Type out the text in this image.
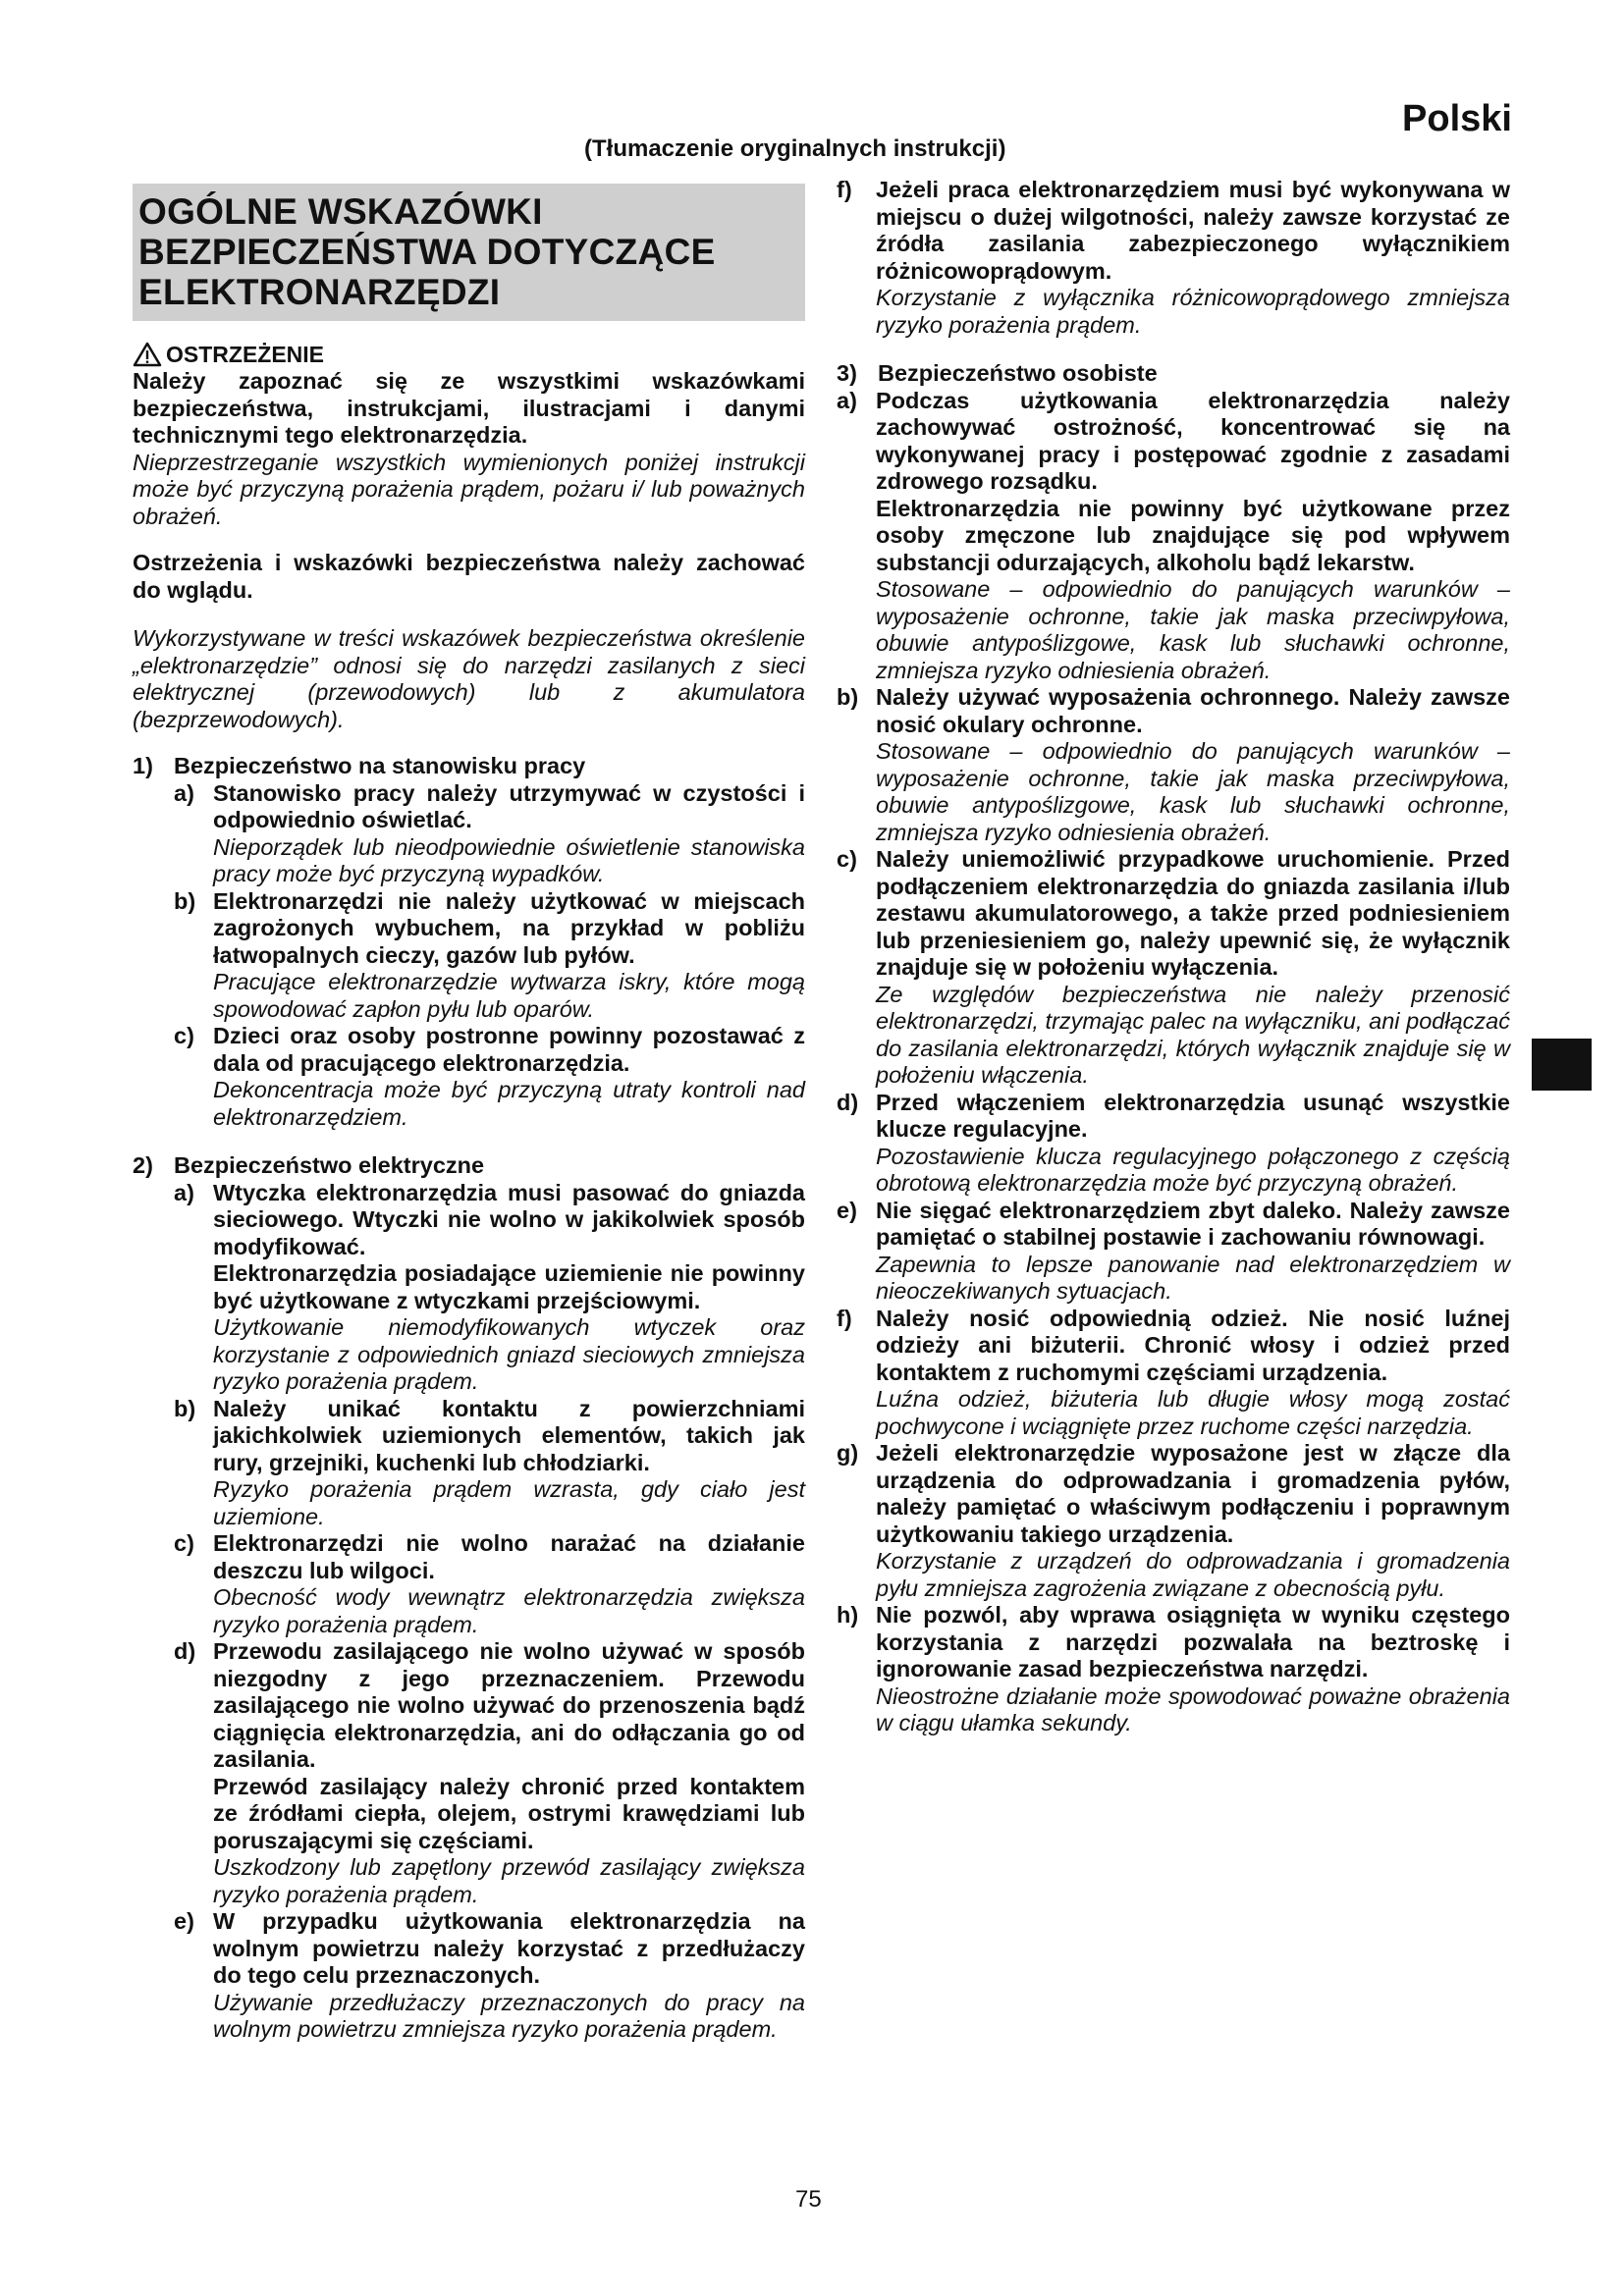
Polski
(Tłumaczenie oryginalnych instrukcji)
OGÓLNE WSKAZÓWKI
BEZPIECZEŃSTWA DOTYCZĄCE
ELEKTRONARZĘDZI
OSTRZEŻENIE
Należy zapoznać się ze wszystkimi wskazówkami bezpieczeństwa, instrukcjami, ilustracjami i danymi technicznymi tego elektronarzędzia.
Nieprzestrzeganie wszystkich wymienionych poniżej instrukcji może być przyczyną porażenia prądem, pożaru i/ lub poważnych obrażeń.
Ostrzeżenia i wskazówki bezpieczeństwa należy zachować do wglądu.
Wykorzystywane w treści wskazówek bezpieczeństwa określenie „elektronarzędzie” odnosi się do narzędzi zasilanych z sieci elektrycznej (przewodowych) lub z akumulatora (bezprzewodowych).
1) Bezpieczeństwo na stanowisku pracy
a) Stanowisko pracy należy utrzymywać w czystości i odpowiednio oświetlać.
Nieporządek lub nieodpowiednie oświetlenie stanowiska pracy może być przyczyną wypadków.
b) Elektronarzędzi nie należy użytkować w miejscach zagrożonych wybuchem, na przykład w pobliżu łatwopalnych cieczy, gazów lub pyłów.
Pracujące elektronarzędzie wytwarza iskry, które mogą spowodować zapłon pyłu lub oparów.
c) Dzieci oraz osoby postronne powinny pozostawać z dala od pracującego elektronarzędzia.
Dekoncentracja może być przyczyną utraty kontroli nad elektronarzędziem.
2) Bezpieczeństwo elektryczne
a) Wtyczka elektronarzędzia musi pasować do gniazda sieciowego. Wtyczki nie wolno w jakikolwiek sposób modyfikować.
Elektronarzędzia posiadające uziemienie nie powinny być użytkowane z wtyczkami przejściowymi.
Użytkowanie niemodyfikowanych wtyczek oraz korzystanie z odpowiednich gniazd sieciowych zmniejsza ryzyko porażenia prądem.
b) Należy unikać kontaktu z powierzchniami jakichkolwiek uziemionych elementów, takich jak rury, grzejniki, kuchenki lub chłodziarki.
Ryzyko porażenia prądem wzrasta, gdy ciało jest uziemione.
c) Elektronarzędzi nie wolno narażać na działanie deszczu lub wilgoci.
Obecność wody wewnątrz elektronarzędzia zwiększa ryzyko porażenia prądem.
d) Przewodu zasilającego nie wolno używać w sposób niezgodny z jego przeznaczeniem. Przewodu zasilającego nie wolno używać do przenoszenia bądź ciągnięcia elektronarzędzia, ani do odłączania go od zasilania.
Przewód zasilający należy chronić przed kontaktem ze źródłami ciepła, olejem, ostrymi krawędziami lub poruszającymi się częściami.
Uszkodzony lub zapętlony przewód zasilający zwiększa ryzyko porażenia prądem.
e) W przypadku użytkowania elektronarzędzia na wolnym powietrzu należy korzystać z przedłużaczy do tego celu przeznaczonych.
Używanie przedłużaczy przeznaczonych do pracy na wolnym powietrzu zmniejsza ryzyko porażenia prądem.
f)	Jeżeli praca elektronarzędziem musi być wykonywana w miejscu o dużej wilgotności, należy zawsze korzystać ze źródła zasilania zabezpieczonego wyłącznikiem różnicowoprądowym.
Korzystanie z wyłącznika różnicowoprądowego zmniejsza ryzyko porażenia prądem.
3) Bezpieczeństwo osobiste
a) Podczas użytkowania elektronarzędzia należy zachowywać ostrożność, koncentrować się na wykonywanej pracy i postępować zgodnie z zasadami zdrowego rozsądku.
Elektronarzędzia nie powinny być użytkowane przez osoby zmęczone lub znajdujące się pod wpływem substancji odurzających, alkoholu bądź lekarstw.
Stosowane – odpowiednio do panujących warunków – wyposażenie ochronne, takie jak maska przeciwpyłowa, obuwie antypoślizgowe, kask lub słuchawki ochronne, zmniejsza ryzyko odniesienia obrażeń.
b) Należy używać wyposażenia ochronnego. Należy zawsze nosić okulary ochronne.
Stosowane – odpowiednio do panujących warunków – wyposażenie ochronne, takie jak maska przeciwpyłowa, obuwie antypoślizgowe, kask lub słuchawki ochronne, zmniejsza ryzyko odniesienia obrażeń.
c) Należy uniemożliwić przypadkowe uruchomienie. Przed podłączeniem elektronarzędzia do gniazda zasilania i/lub zestawu akumulatorowego, a także przed podniesieniem lub przeniesieniem go, należy upewnić się, że wyłącznik znajduje się w położeniu wyłączenia.
Ze względów bezpieczeństwa nie należy przenosić elektronarzędzi, trzymając palec na wyłączniku, ani podłączać do zasilania elektronarzędzi, których wyłącznik znajduje się w położeniu włączenia.
d) Przed włączeniem elektronarzędzia usunąć wszystkie klucze regulacyjne.
Pozostawienie klucza regulacyjnego połączonego z częścią obrotową elektronarzędzia może być przyczyną obrażeń.
e) Nie sięgać elektronarzędziem zbyt daleko. Należy zawsze pamiętać o stabilnej postawie i zachowaniu równowagi.
Zapewnia to lepsze panowanie nad elektronarzędziem w nieoczekiwanych sytuacjach.
f)	Należy nosić odpowiednią odzież. Nie nosić luźnej odzieży ani biżuterii. Chronić włosy i odzież przed kontaktem z ruchomymi częściami urządzenia.
Luźna odzież, biżuteria lub długie włosy mogą zostać pochwycone i wciągnięte przez ruchome części narzędzia.
g) Jeżeli elektronarzędzie wyposażone jest w złącze dla urządzenia do odprowadzania i gromadzenia pyłów, należy pamiętać o właściwym podłączeniu i poprawnym użytkowaniu takiego urządzenia.
Korzystanie z urządzeń do odprowadzania i gromadzenia pyłu zmniejsza zagrożenia związane z obecnością pyłu.
h) Nie pozwól, aby wprawa osiągnięta w wyniku częstego korzystania z narzędzi pozwalała na beztroskę i ignorowanie zasad bezpieczeństwa narzędzi.
Nieostrożne działanie może spowodować poważne obrażenia w ciągu ułamka sekundy.
75
